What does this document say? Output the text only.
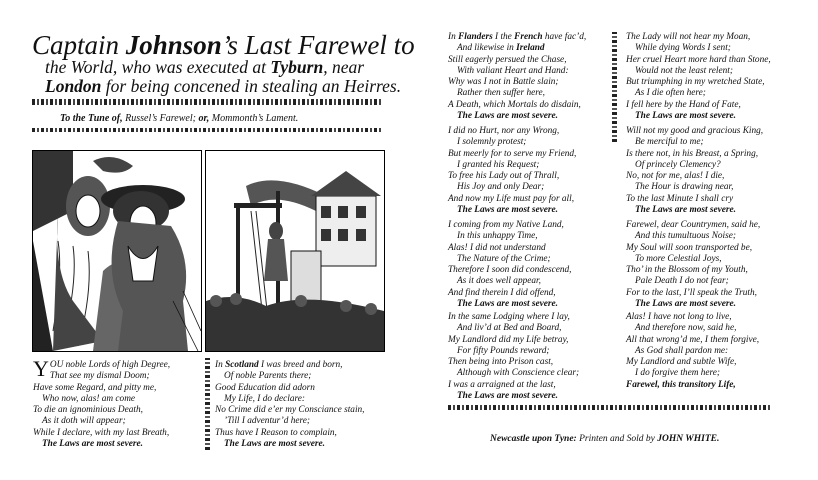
Captain Johnson’s Last Farewel to
the World, who was executed at Tyburn, near
London for being concened in stealing an Heirres.
To the Tune of, Russel’s Farewel; or, Mommonth’s Lament.
YOU noble Lords of high Degree,
That see my dismal Doom;
Have some Regard, and pitty me,
Who now, alas! am come
To die an ignominious Death,
As it doth will appear;
While I declare, with my last Breath,
The Laws are most severe.
In Scotland I was breed and born,
Of noble Parents there;
Good Education did adorn
My Life, I do declare:
No Crime did e’er my Consciance stain,
’Till I adventur’d here;
Thus have I Reason to complain,
The Laws are most severe.
In Flanders I the French have fac’d,
And likewise in Ireland
Still eagerly persued the Chase,
With valiant Heart and Hand:
Why was I not in Battle slain;
Rather then suffer here,
A Death, which Mortals do disdain,
The Laws are most severe.
I did no Hurt, nor any Wrong,
I solemnly protest;
But meerly for to serve my Friend,
I granted his Request;
To free his Lady out of Thrall,
His Joy and only Dear;
And now my Life must pay for all,
The Laws are most severe.
I coming from my Native Land,
In this unhappy Time,
Alas! I did not understand
The Nature of the Crime;
Therefore I soon did condescend,
As it does well appear,
And find therein I did offend,
The Laws are most severe.
In the same Lodging where I lay,
And liv’d at Bed and Board,
My Landlord did my Life betray,
For fifty Pounds reward;
Then being into Prison cast,
Although with Conscience clear;
I was a arraigned at the last,
The Laws are most severe.
The Lady will not hear my Moan,
While dying Words I sent;
Her cruel Heart more hard than Stone,
Would not the least relent;
But triumphing in my wretched State,
As I die often here;
I fell here by the Hand of Fate,
The Laws are most severe.
Will not my good and gracious King,
Be merciful to me;
Is there not, in his Breast, a Spring,
Of princely Clemency?
No, not for me, alas! I die,
The Hour is drawing near,
To the last Minute I shall cry
The Laws are most severe.
Farewel, dear Countrymen, said he,
And this tumultuous Noise;
My Soul will soon transported be,
To more Celestial Joys,
Tho’ in the Blossom of my Youth,
Pale Death I do not fear;
For to the last, I’ll speak the Truth,
The Laws are most severe.
Alas! I have not long to live,
And therefore now, said he,
All that wrong’d me, I them forgive,
As God shall pardon me:
My Landlord and subtle Wife,
I do forgive them here;
Farewel, this transitory Life,
Newcastle upon Tyne: Printen and Sold by JOHN WHITE.
